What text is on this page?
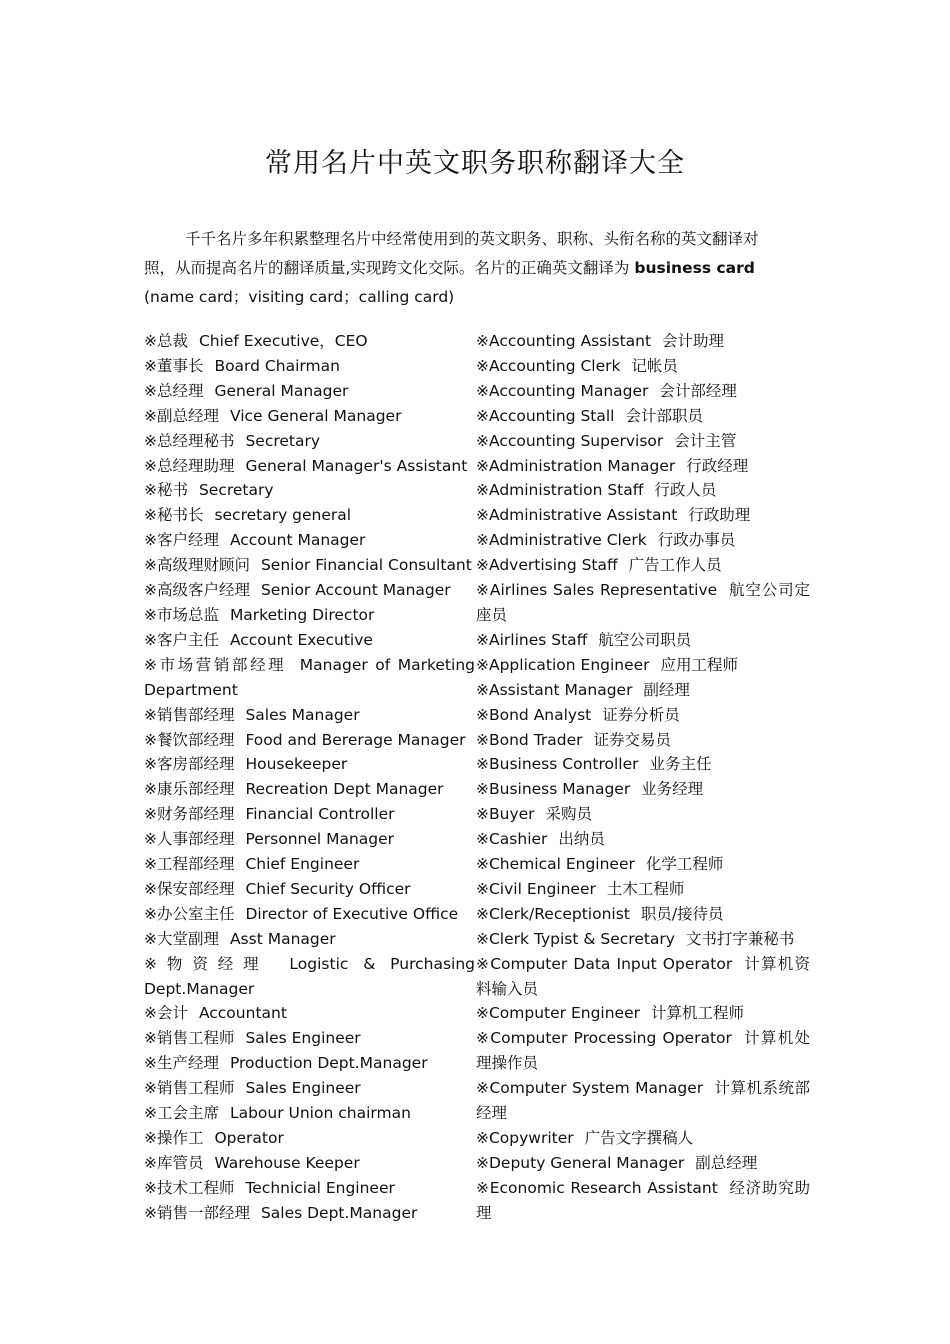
常用名片中英文职务职称翻译大全
千千名片多年积累整理名片中经常使用到的英文职务、职称、头衔名称的英文翻译对
照，从而提高名片的翻译质量,实现跨文化交际。名片的正确英文翻译为 business card
(name card；visiting card；calling card)
※总裁 Chief Executive，CEO
※董事长 Board Chairman
※总经理 General Manager
※副总经理 Vice General Manager
※总经理秘书 Secretary
※总经理助理 General Manager's Assistant
※秘书 Secretary
※秘书长 secretary general
※客户经理 Account Manager
※高级理财顾问 Senior Financial Consultant
※高级客户经理 Senior Account Manager
※市场总监 Marketing Director
※客户主任 Account Executive
※市场营销部经理 Manager of Marketing Department
※销售部经理 Sales Manager
※餐饮部经理 Food and Bererage Manager
※客房部经理 Housekeeper
※康乐部经理 Recreation Dept Manager
※财务部经理 Financial Controller
※人事部经理 Personnel Manager
※工程部经理 Chief Engineer
※保安部经理 Chief Security Officer
※办公室主任 Director of Executive Office
※大堂副理 Asst Manager
※物资经理 Logistic & Purchasing Dept.Manager
※会计 Accountant
※销售工程师 Sales Engineer
※生产经理 Production Dept.Manager
※销售工程师 Sales Engineer
※工会主席 Labour Union chairman
※操作工 Operator
※库管员 Warehouse Keeper
※技术工程师 Technicial Engineer
※销售一部经理 Sales Dept.Manager
※Accounting Assistant 会计助理
※Accounting Clerk 记帐员
※Accounting Manager 会计部经理
※Accounting Stall 会计部职员
※Accounting Supervisor 会计主管
※Administration Manager 行政经理
※Administration Staff 行政人员
※Administrative Assistant 行政助理
※Administrative Clerk 行政办事员
※Advertising Staff 广告工作人员
※Airlines Sales Representative 航空公司定座员
※Airlines Staff 航空公司职员
※Application Engineer 应用工程师
※Assistant Manager 副经理
※Bond Analyst 证券分析员
※Bond Trader 证券交易员
※Business Controller 业务主任
※Business Manager 业务经理
※Buyer 采购员
※Cashier 出纳员
※Chemical Engineer 化学工程师
※Civil Engineer 土木工程师
※Clerk/Receptionist 职员/接待员
※Clerk Typist & Secretary 文书打字兼秘书
※Computer Data Input Operator 计算机资料输入员
※Computer Engineer 计算机工程师
※Computer Processing Operator 计算机处理操作员
※Computer System Manager 计算机系统部经理
※Copywriter 广告文字撰稿人
※Deputy General Manager 副总经理
※Economic Research Assistant 经济助究助理
